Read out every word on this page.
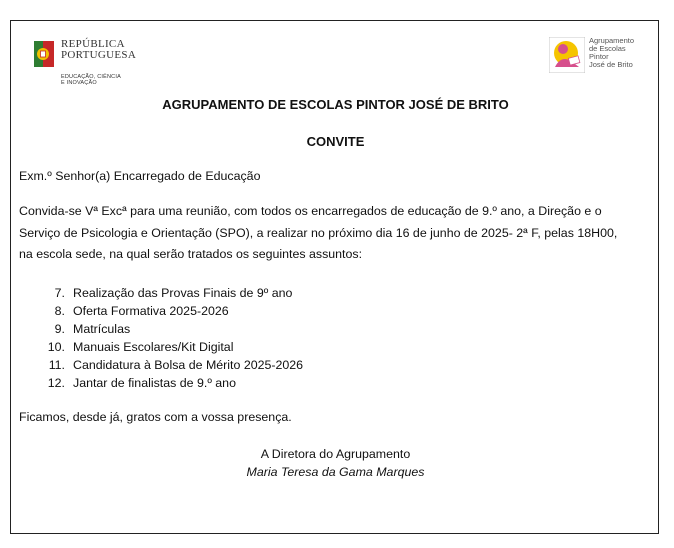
REPÚBLICA
PORTUGUESA
EDUCAÇÃO, CIÊNCIA
E INOVAÇÃO
Agrupamento
de Escolas
Pintor
José de Brito
AGRUPAMENTO DE ESCOLAS PINTOR JOSÉ DE BRITO
CONVITE
Exm.º Senhor(a) Encarregado de Educação
Convida-se Vª Excª para uma reunião, com todos os encarregados de educação de 9.º ano, a Direção e o
Serviço de Psicologia e Orientação (SPO), a realizar no próximo dia 16 de junho de 2025- 2ª F, pelas 18H00,
na escola sede, na qual serão tratados os seguintes assuntos:
7. Realização das Provas Finais de 9º ano
8. Oferta Formativa 2025-2026
9. Matrículas
10. Manuais Escolares/Kit Digital
11. Candidatura à Bolsa de Mérito 2025-2026
12. Jantar de finalistas de 9.º ano
Ficamos, desde já, gratos com a vossa presença.
A Diretora do Agrupamento
Maria Teresa da Gama Marques
